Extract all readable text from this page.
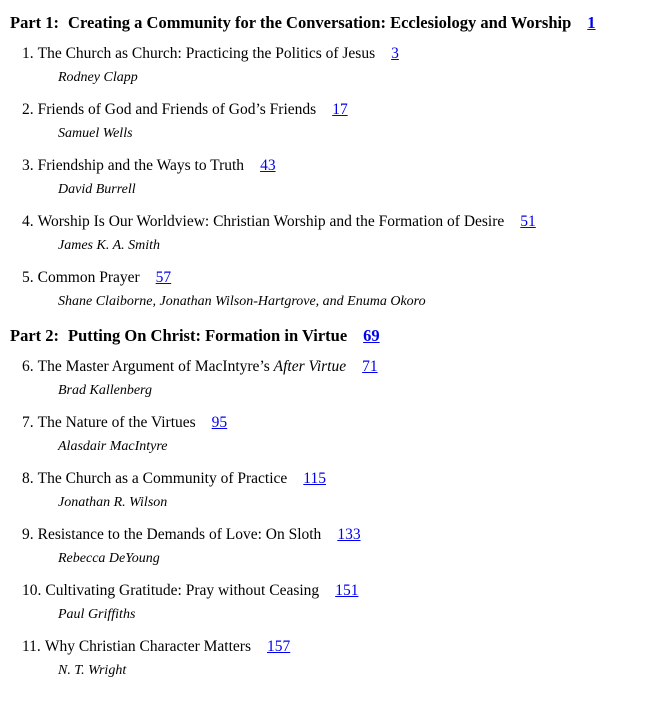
Part 1: Creating a Community for the Conversation: Ecclesiology and Worship 1
1. The Church as Church: Practicing the Politics of Jesus 3
Rodney Clapp
2. Friends of God and Friends of God’s Friends 17
Samuel Wells
3. Friendship and the Ways to Truth 43
David Burrell
4. Worship Is Our Worldview: Christian Worship and the Formation of Desire 51
James K. A. Smith
5. Common Prayer 57
Shane Claiborne, Jonathan Wilson-Hartgrove, and Enuma Okoro
Part 2: Putting On Christ: Formation in Virtue 69
6. The Master Argument of MacIntyre’s After Virtue 71
Brad Kallenberg
7. The Nature of the Virtues 95
Alasdair MacIntyre
8. The Church as a Community of Practice 115
Jonathan R. Wilson
9. Resistance to the Demands of Love: On Sloth 133
Rebecca DeYoung
10. Cultivating Gratitude: Pray without Ceasing 151
Paul Griffiths
11. Why Christian Character Matters 157
N. T. Wright
